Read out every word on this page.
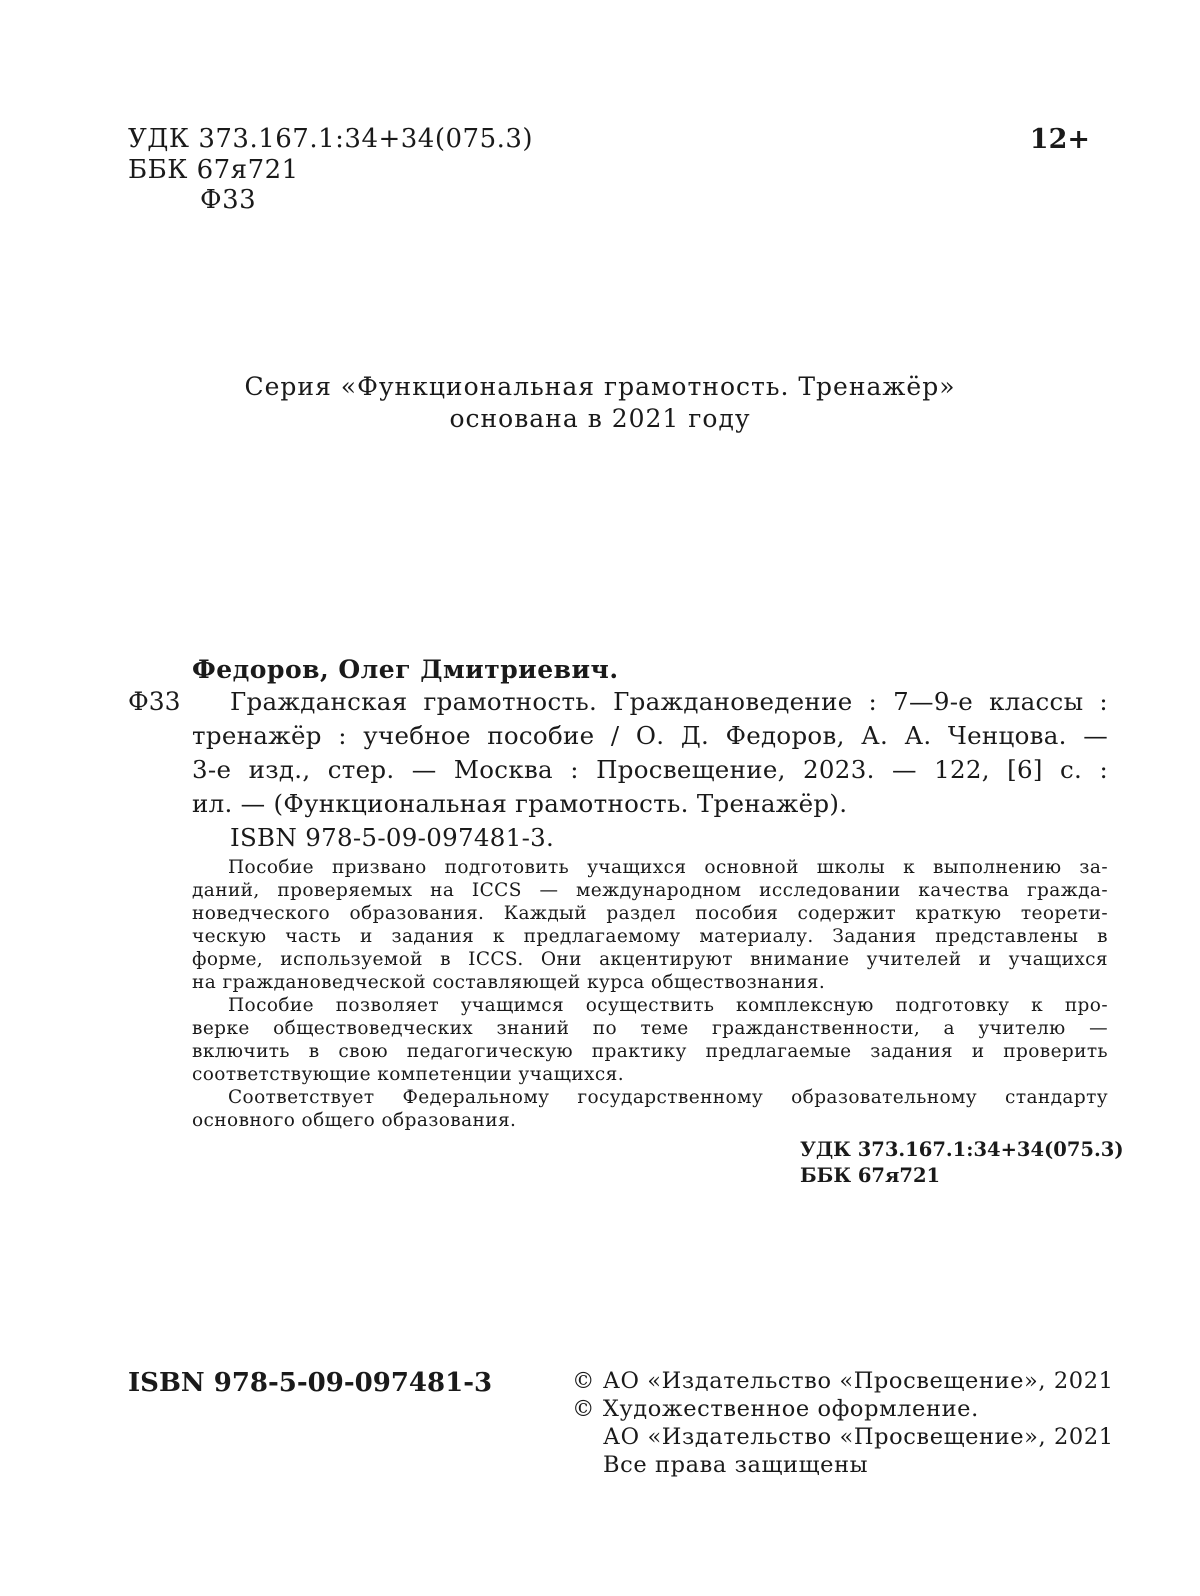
УДК 373.167.1:34+34(075.3)
ББК 67я721
Ф33
12+
Серия «Функциональная грамотность. Тренажёр»
основана в 2021 году
Федоров, Олег Дмитриевич.
Ф33 Гражданская грамотность. Граждановедение : 7—9-е классы :
тренажёр : учебное пособие / О. Д. Федоров, А. А. Ченцова. —
3-е изд., стер. — Москва : Просвещение, 2023. — 122, [6] с. :
ил. — (Функциональная грамотность. Тренажёр).
ISBN 978-5-09-097481-3.
Пособие призвано подготовить учащихся основной школы к выполнению за-
даний, проверяемых на ICCS — международном исследовании качества гражда-
новедческого образования. Каждый раздел пособия содержит краткую теорети-
ческую часть и задания к предлагаемому материалу. Задания представлены в
форме, используемой в ICCS. Они акцентируют внимание учителей и учащихся
на граждановедческой составляющей курса обществознания.
Пособие позволяет учащимся осуществить комплексную подготовку к про-
верке обществоведческих знаний по теме гражданственности, а учителю —
включить в свою педагогическую практику предлагаемые задания и проверить
соответствующие компетенции учащихся.
Соответствует Федеральному государственному образовательному стандарту
основного общего образования.
УДК 373.167.1:34+34(075.3)
ББК 67я721
ISBN 978-5-09-097481-3	© АО «Издательство «Просвещение», 2021
© Художественное оформление.
АО «Издательство «Просвещение», 2021
Все права защищены
